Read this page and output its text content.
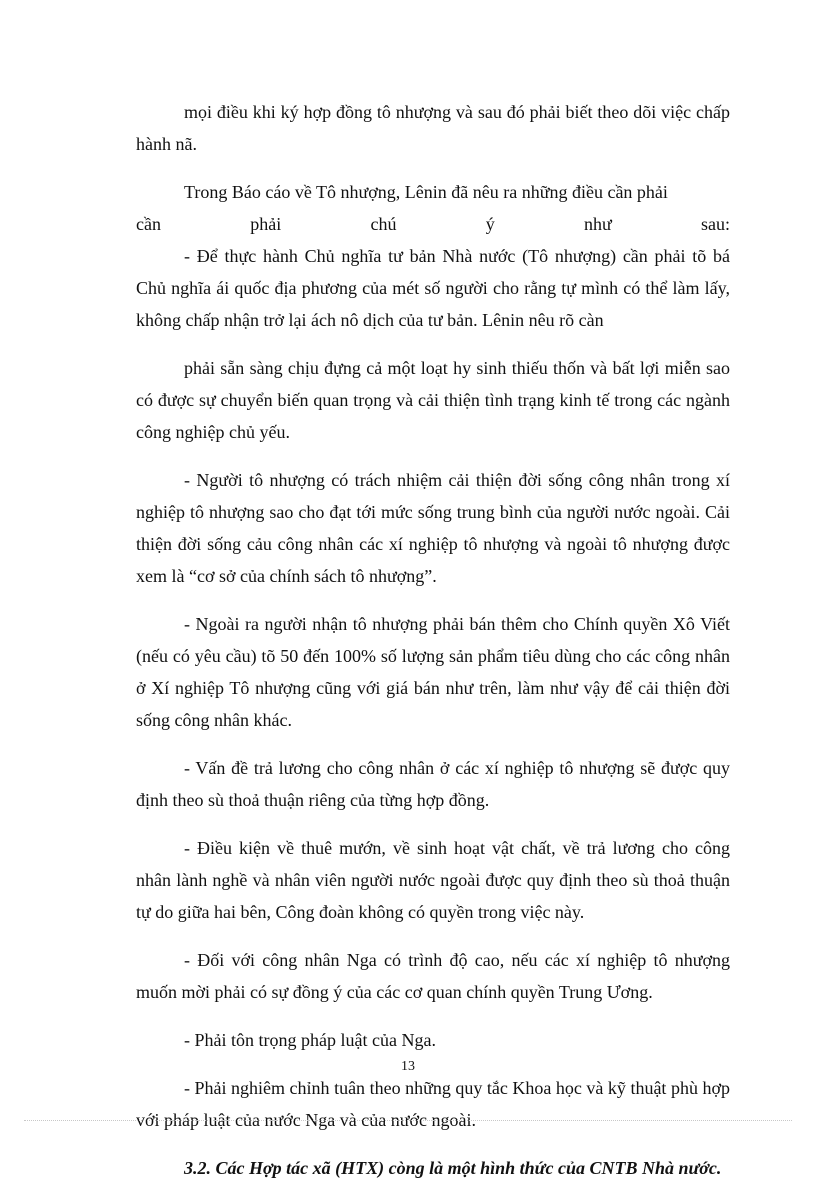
mọi điều khi ký hợp đồng tô nhượng và sau đó phải biết theo dõi việc chấp hành nã.

Trong Báo cáo về Tô nhượng, Lênin đã nêu ra những điều cần phải
cần phải chú ý như sau:

- Để thực hành Chủ nghĩa tư bản Nhà nước (Tô nhượng) cần phải tõ bá Chủ nghĩa ái quốc địa phương của mét số người cho rằng tự mình có thể làm lấy, không chấp nhận trở lại ách nô dịch của tư bản. Lênin nêu rõ càn

phải sẵn sàng chịu đựng cả một loạt hy sinh thiếu thốn và bất lợi miễn sao có được sự chuyển biến quan trọng và cải thiện tình trạng kinh tế trong các ngành công nghiệp chủ yếu.

- Người tô nhượng có trách nhiệm cải thiện đời sống công nhân trong xí nghiệp tô nhượng sao cho đạt tới mức sống trung bình của người nước ngoài. Cải thiện đời sống cảu công nhân các xí nghiệp tô nhượng và ngoài tô nhượng được xem là “cơ sở của chính sách tô nhượng”.

- Ngoài ra người nhận tô nhượng phải bán thêm cho Chính quyền Xô Viết (nếu có yêu cầu) tõ 50 đến 100% số lượng sản phẩm tiêu dùng cho các công nhân ở Xí nghiệp Tô nhượng cũng với giá bán như trên, làm như vậy để cải thiện đời sống công nhân khác.

- Vấn đề trả lương cho công nhân ở các xí nghiệp tô nhượng sẽ được quy định theo sù thoả thuận riêng của từng hợp đồng.

- Điều kiện về thuê mướn, về sinh hoạt vật chất, về trả lương cho công nhân lành nghề và nhân viên người nước ngoài được quy định theo sù thoả thuận tự do giữa hai bên, Công đoàn không có quyền trong việc này.

- Đối với công nhân Nga có trình độ cao, nếu các xí nghiệp tô nhượng muốn mời phải có sự đồng ý của các cơ quan chính quyền Trung Ương.

- Phải tôn trọng pháp luật của Nga.

- Phải nghiêm chỉnh tuân theo những quy tắc Khoa học và kỹ thuật phù hợp với pháp luật của nước Nga và của nước ngoài.

3.2. Các Hợp tác xã (HTX) còng là một hình thức của CNTB Nhà nước.

13
